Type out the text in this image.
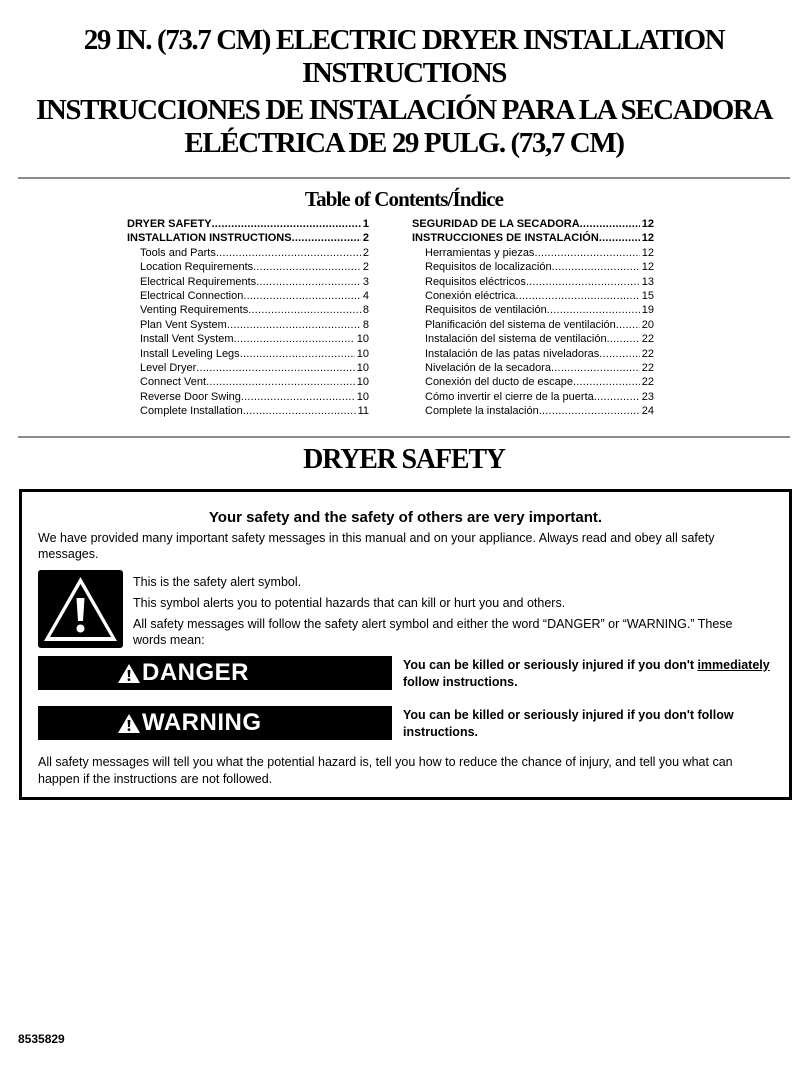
29 IN. (73.7 CM) ELECTRIC DRYER INSTALLATION
INSTRUCTIONS
INSTRUCCIONES DE INSTALACIÓN PARA LA SECADORA
ELÉCTRICA DE 29 PULG. (73,7 CM)
Table of Contents/Índice
DRYER SAFETY .....	1
INSTALLATION INSTRUCTIONS .....	2
Tools and Parts .....	2
Location Requirements .....	2
Electrical Requirements .....	3
Electrical Connection .....	4
Venting Requirements .....	8
Plan Vent System .....	8
Install Vent System .....	10
Install Leveling Legs .....	10
Level Dryer .....	10
Connect Vent .....	10
Reverse Door Swing .....	10
Complete Installation .....	11
SEGURIDAD DE LA SECADORA .....	12
INSTRUCCIONES DE INSTALACIÓN .....	12
Herramientas y piezas .....	12
Requisitos de localización .....	12
Requisitos eléctricos .....	13
Conexión eléctrica .....	15
Requisitos de ventilación .....	19
Planificación del sistema de ventilación ..... 20
Instalación del sistema de ventilación .....	22
Instalación de las patas niveladoras .....	22
Nivelación de la secadora .....	22
Conexión del ducto de escape .....	22
Cómo invertir el cierre de la puerta .....	23
Complete la instalación .....	24
DRYER SAFETY
Your safety and the safety of others are very important.
We have provided many important safety messages in this manual and on your appliance. Always read and obey all safety messages.
This is the safety alert symbol.
This symbol alerts you to potential hazards that can kill or hurt you and others.
All safety messages will follow the safety alert symbol and either the word “DANGER” or “WARNING.” These words mean:
DANGER	You can be killed or seriously injured if you don't immediately follow instructions.
WARNING	You can be killed or seriously injured if you don't follow instructions.
All safety messages will tell you what the potential hazard is, tell you how to reduce the chance of injury, and tell you what can happen if the instructions are not followed.
8535829
